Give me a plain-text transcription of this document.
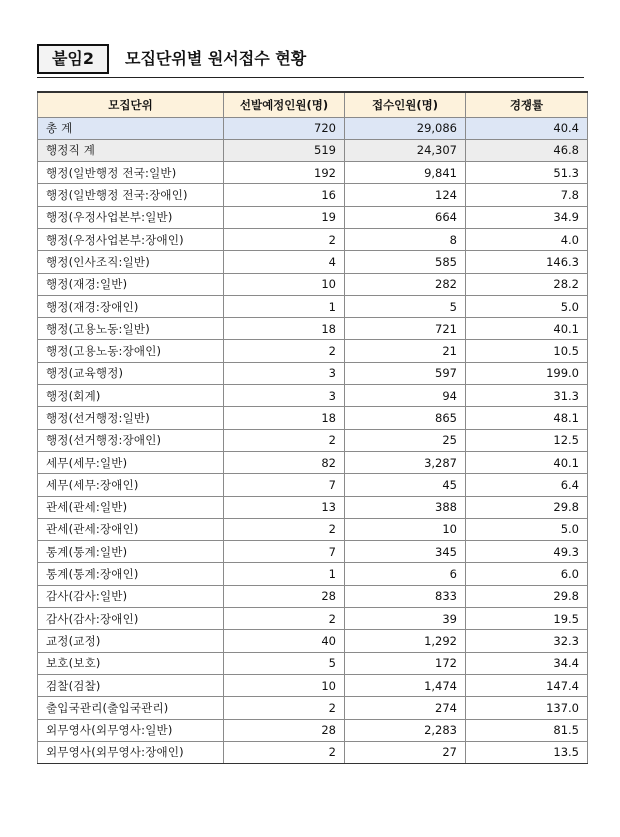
붙임2	모집단위별 원서접수 현황
모집단위	선발예정인원(명)	접수인원(명)	경쟁률
총 계	720	29,086	40.4
행정직 계	519	24,307	46.8
행정(일반행정 전국:일반)	192	9,841	51.3
행정(일반행정 전국:장애인)	16	124	7.8
행정(우정사업본부:일반)	19	664	34.9
행정(우정사업본부:장애인)	2	8	4.0
행정(인사조직:일반)	4	585	146.3
행정(재경:일반)	10	282	28.2
행정(재경:장애인)	1	5	5.0
행정(고용노동:일반)	18	721	40.1
행정(고용노동:장애인)	2	21	10.5
행정(교육행정)	3	597	199.0
행정(회계)	3	94	31.3
행정(선거행정:일반)	18	865	48.1
행정(선거행정:장애인)	2	25	12.5
세무(세무:일반)	82	3,287	40.1
세무(세무:장애인)	7	45	6.4
관세(관세:일반)	13	388	29.8
관세(관세:장애인)	2	10	5.0
통계(통계:일반)	7	345	49.3
통계(통계:장애인)	1	6	6.0
감사(감사:일반)	28	833	29.8
감사(감사:장애인)	2	39	19.5
교정(교정)	40	1,292	32.3
보호(보호)	5	172	34.4
검찰(검찰)	10	1,474	147.4
출입국관리(출입국관리)	2	274	137.0
외무영사(외무영사:일반)	28	2,283	81.5
외무영사(외무영사:장애인)	2	27	13.5
